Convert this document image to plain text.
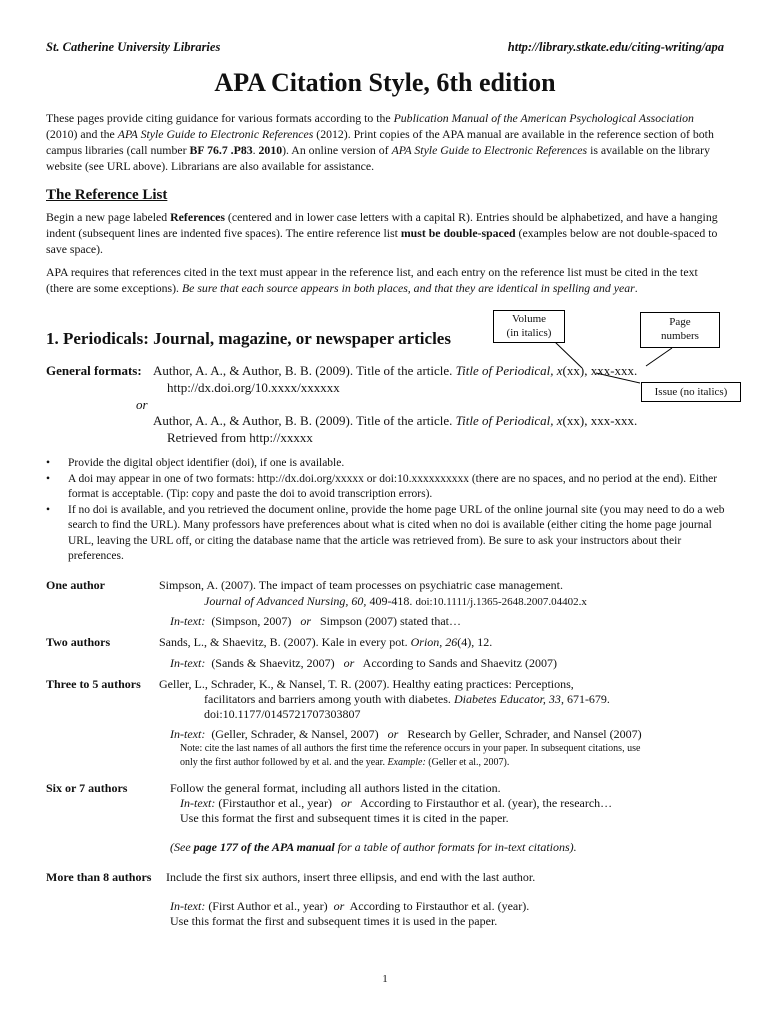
St. Catherine University Libraries	http://library.stkate.edu/citing-writing/apa
APA Citation Style, 6th edition
These pages provide citing guidance for various formats according to the Publication Manual of the American Psychological Association (2010) and the APA Style Guide to Electronic References (2012). Print copies of the APA manual are available in the reference section of both campus libraries (call number BF 76.7 .P83. 2010). An online version of APA Style Guide to Electronic References is available on the library website (see URL above). Librarians are also available for assistance.
The Reference List
Begin a new page labeled References (centered and in lower case letters with a capital R). Entries should be alphabetized, and have a hanging indent (subsequent lines are indented five spaces). The entire reference list must be double-spaced (examples below are not double-spaced to save space).
APA requires that references cited in the text must appear in the reference list, and each entry on the reference list must be cited in the text (there are some exceptions). Be sure that each source appears in both places, and that they are identical in spelling and year.
1. Periodicals: Journal, magazine, or newspaper articles
Volume
(in italics)
Page
numbers
Issue (no italics)
General formats: Author, A. A., & Author, B. B. (2009). Title of the article. Title of Periodical, x(xx), xxx-xxx.
http://dx.doi.org/10.xxxx/xxxxxx
or
Author, A. A., & Author, B. B. (2009). Title of the article. Title of Periodical, x(xx), xxx-xxx.
Retrieved from http://xxxxx
• Provide the digital object identifier (doi), if one is available.
• A doi may appear in one of two formats: http://dx.doi.org/xxxxx or doi:10.xxxxxxxxxx (there are no spaces, and no period at the end). Either format is acceptable. (Tip: copy and paste the doi to avoid transcription errors).
• If no doi is available, and you retrieved the document online, provide the home page URL of the online journal site (you may need to do a web search to find the URL). Many professors have preferences about what is cited when no doi is available (either citing the home page journal URL, leaving the URL off, or citing the database name that the article was retrieved from). Be sure to ask your instructors about their preferences.
One author	Simpson, A. (2007). The impact of team processes on psychiatric case management.
Journal of Advanced Nursing, 60, 409-418. doi:10.1111/j.1365-2648.2007.04402.x
In-text:  (Simpson, 2007)   or   Simpson (2007) stated that…
Two authors	Sands, L., & Shaevitz, B. (2007). Kale in every pot. Orion, 26(4), 12.
In-text:  (Sands & Shaevitz, 2007)   or   According to Sands and Shaevitz (2007)
Three to 5 authors Geller, L., Schrader, K., & Nansel, T. R. (2007). Healthy eating practices: Perceptions,
facilitators and barriers among youth with diabetes. Diabetes Educator, 33, 671-679.
doi:10.1177/0145721707303807
In-text:  (Geller, Schrader, & Nansel, 2007)   or   Research by Geller, Schrader, and Nansel (2007)
Note: cite the last names of all authors the first time the reference occurs in your paper. In subsequent citations, use
only the first author followed by et al. and the year. Example: (Geller et al., 2007).
Six or 7 authors	Follow the general format, including all authors listed in the citation.
In-text: (Firstauthor et al., year)   or   According to Firstauthor et al. (year), the research…
Use this format the first and subsequent times it is cited in the paper.
(See page 177 of the APA manual for a table of author formats for in-text citations).
More than 8 authors Include the first six authors, insert three ellipsis, and end with the last author.
In-text: (First Author et al., year)  or  According to Firstauthor et al. (year).
Use this format the first and subsequent times it is used in the paper.
1
